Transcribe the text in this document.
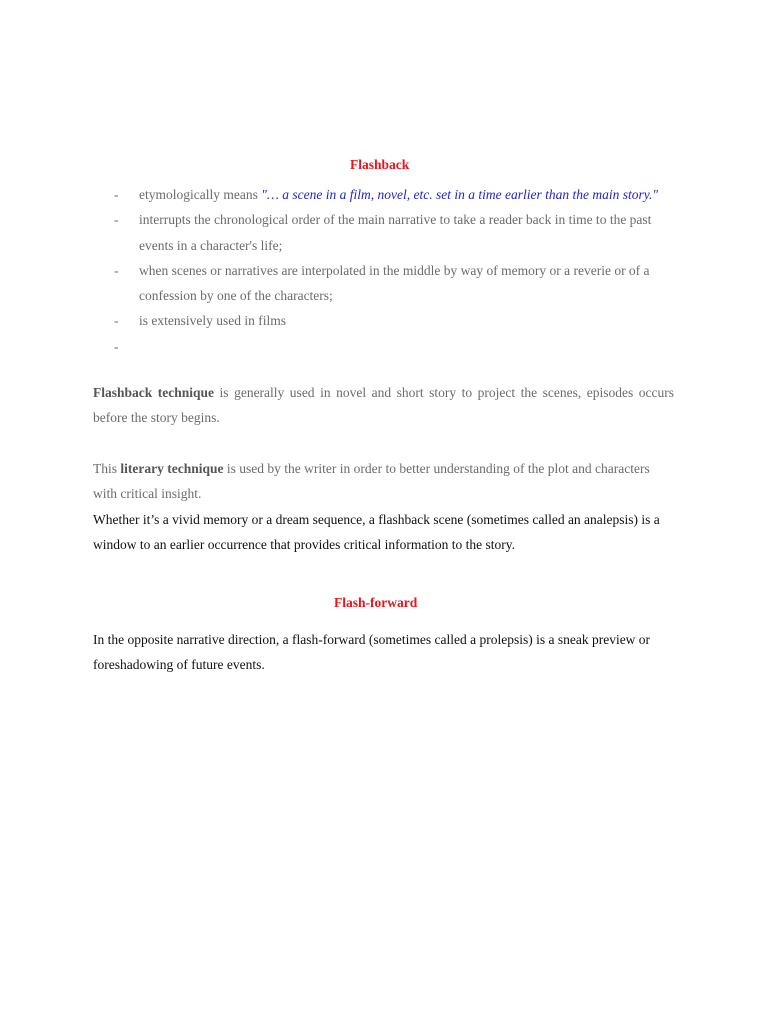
Flashback
- etymologically means "… a scene in a film, novel, etc. set in a time earlier than the main story."
- interrupts the chronological order of the main narrative to take a reader back in time to the past events in a character's life;
- when scenes or narratives are interpolated in the middle by way of memory or a reverie or of a confession by one of the characters;
- is extensively used in films
-

Flashback technique is generally used in novel and short story to project the scenes, episodes occurs before the story begins.

This literary technique is used by the writer in order to better understanding of the plot and characters with critical insight.

Whether it’s a vivid memory or a dream sequence, a flashback scene (sometimes called an analepsis) is a window to an earlier occurrence that provides critical information to the story.

Flash-forward

In the opposite narrative direction, a flash-forward (sometimes called a prolepsis) is a sneak preview or foreshadowing of future events.
